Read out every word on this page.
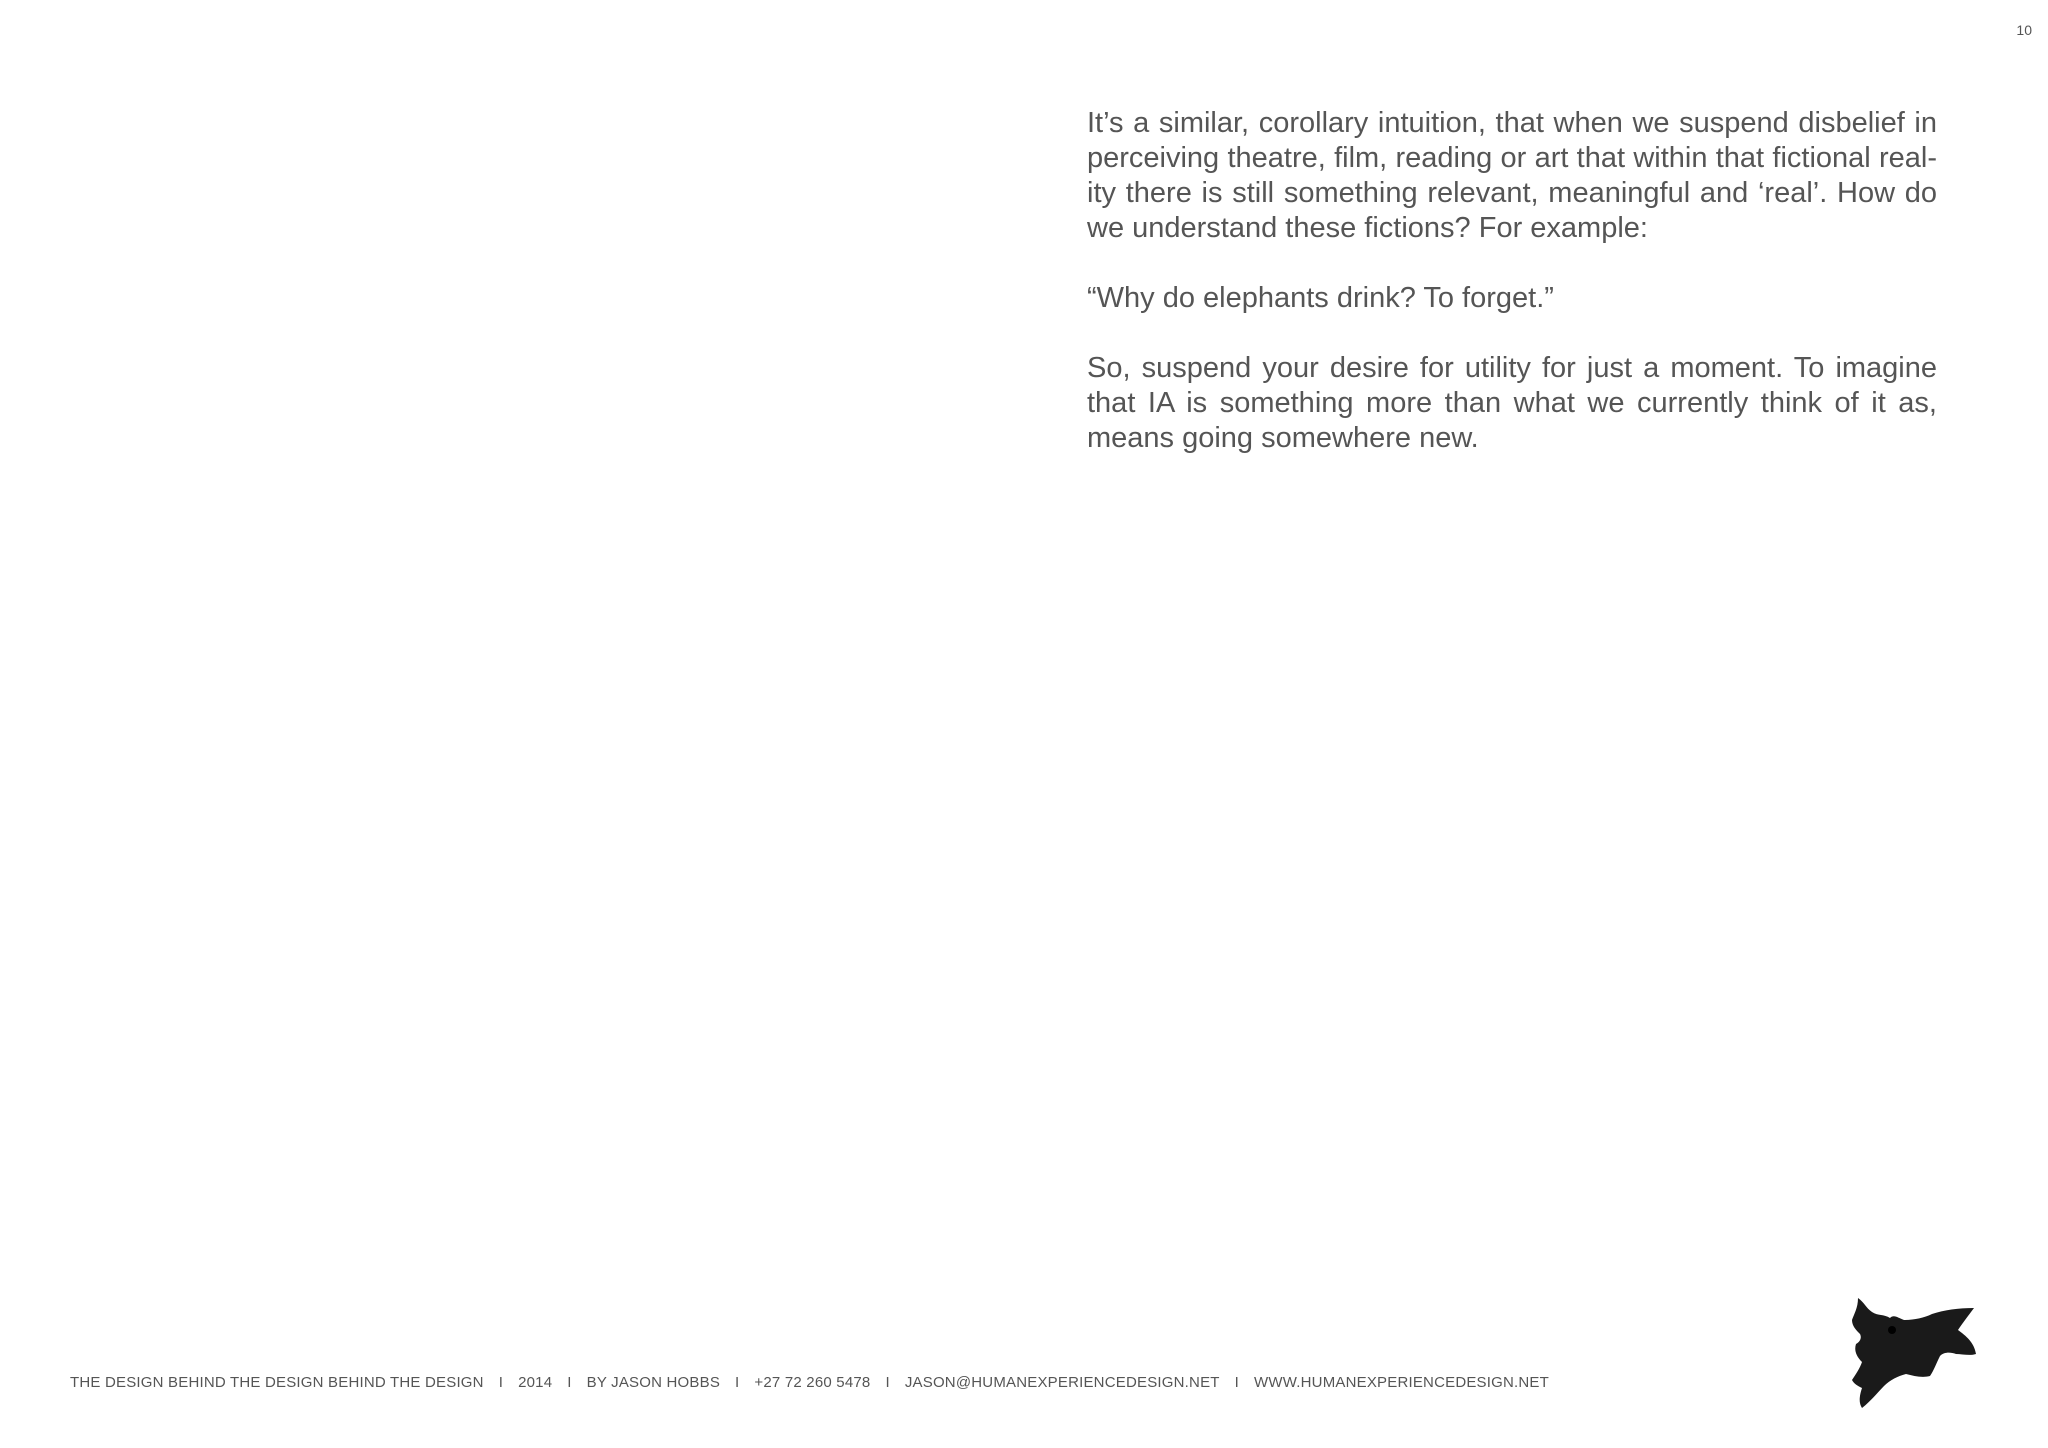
10

It’s a similar, corollary intuition, that when we suspend disbelief in perceiving theatre, film, reading or art that within that fictional real-ity there is still something relevant, meaningful and ‘real’. How do we understand these fictions? For example:

“Why do elephants drink? To forget.”

So, suspend your desire for utility for just a moment. To imagine that IA is something more than what we currently think of it as, means going somewhere new.

THE DESIGN BEHIND THE DESIGN BEHIND THE DESIGN I 2014 I BY JASON HOBBS I +27 72 260 5478 I JASON@HUMANEXPERIENCEDESIGN.NET I WWW.HUMANEXPERIENCEDESIGN.NET
